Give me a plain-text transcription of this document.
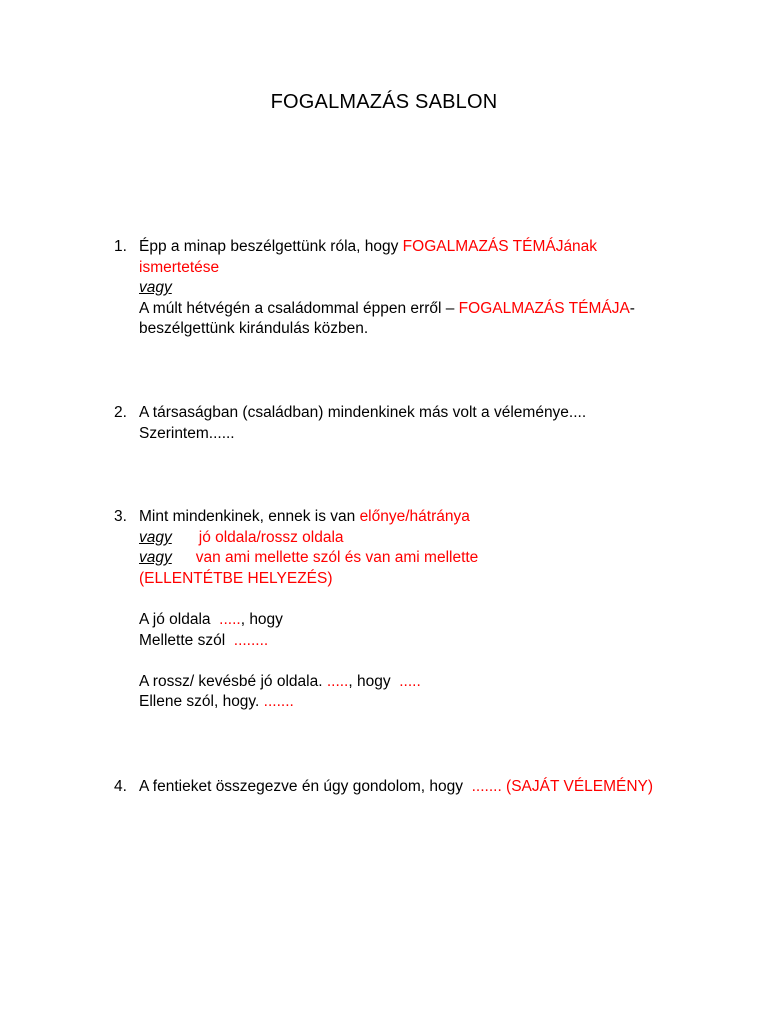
FOGALMAZÁS SABLON
1. Épp a minap beszélgettünk róla, hogy FOGALMAZÁS TÉMÁJának
ismertetése
vagy
A múlt hétvégén a családommal éppen erről – FOGALMAZÁS TÉMÁJA-
beszélgettünk kirándulás közben.
2. A társaságban (családban) mindenkinek más volt a véleménye....
Szerintem......
3. Mint mindenkinek, ennek is van előnye/hátránya
vagy jó oldala/rossz oldala
vagy van ami mellette szól és van ami mellette
(ELLENTÉTBE HELYEZÉS)
A jó oldala  ....., hogy
Mellette szól  ........
A rossz/ kevésbé jó oldala. ....., hogy  .....
Ellene szól, hogy. .......
4. A fentieket összegezve én úgy gondolom, hogy  ....... (SAJÁT VÉLEMÉNY)
